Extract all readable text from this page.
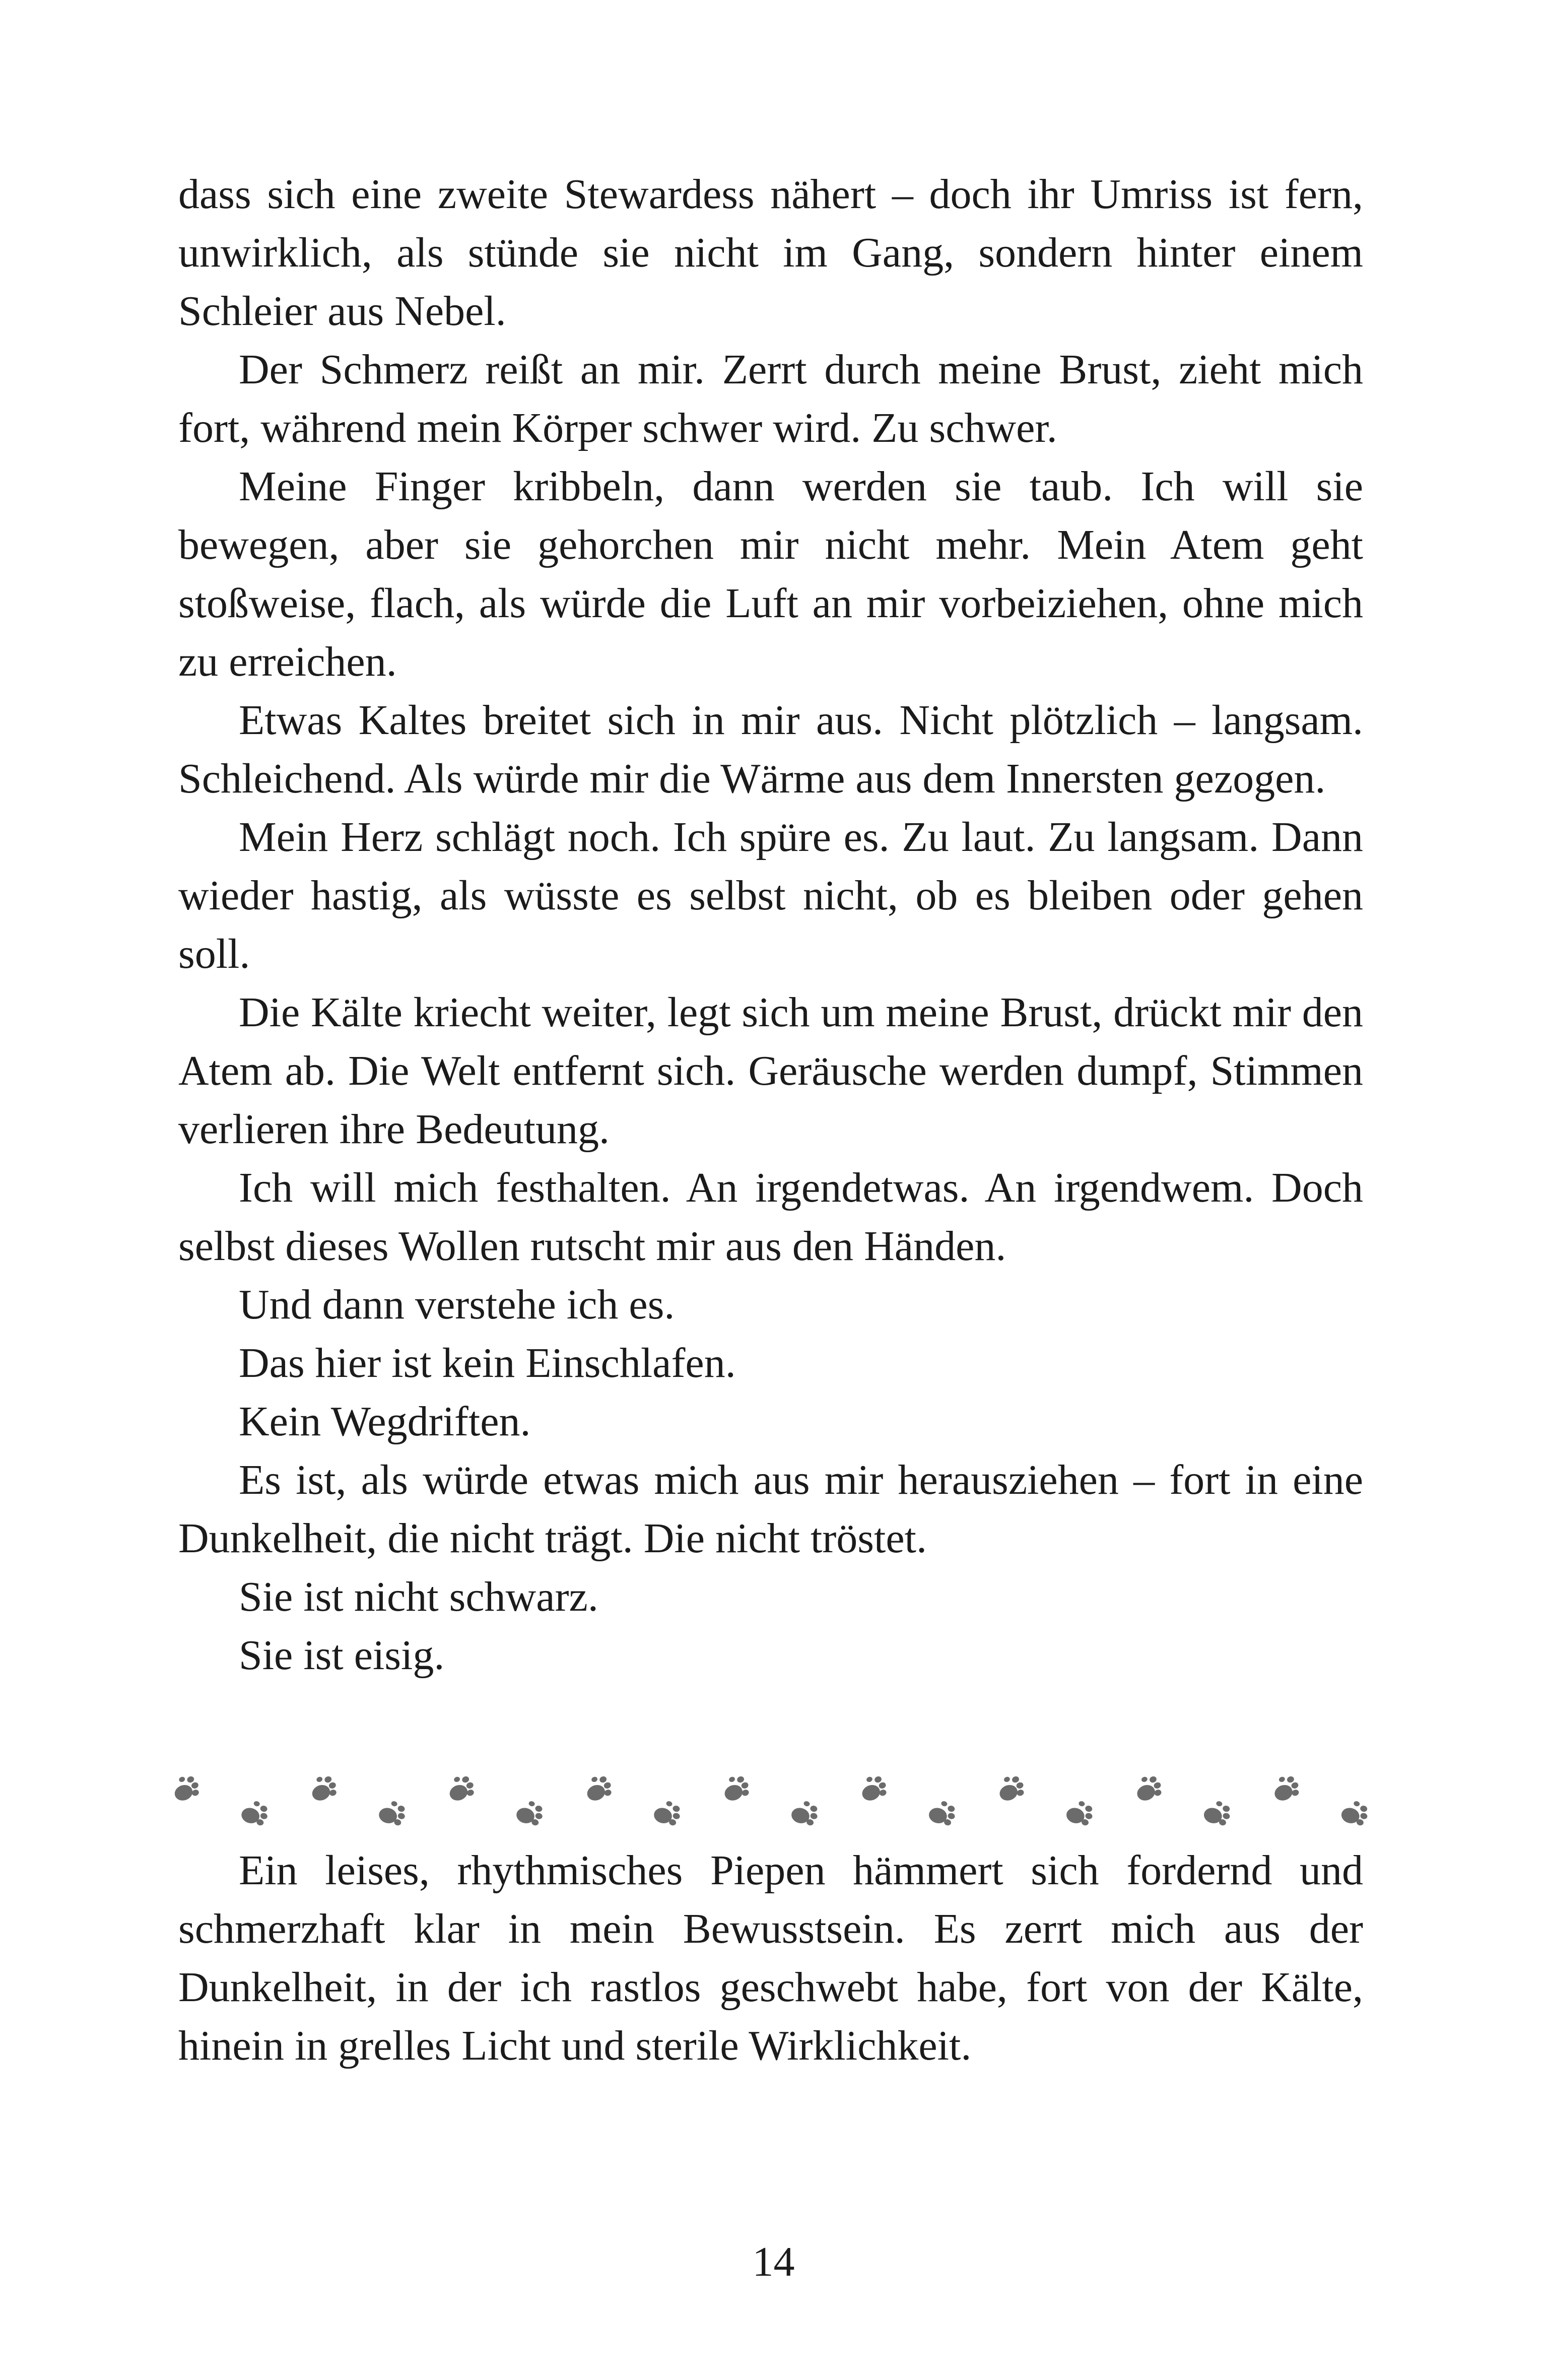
dass sich eine zweite Stewardess nähert – doch ihr Umriss ist fern, unwirklich, als stünde sie nicht im Gang, sondern hinter einem Schleier aus Nebel.

Der Schmerz reißt an mir. Zerrt durch meine Brust, zieht mich fort, während mein Körper schwer wird. Zu schwer.

Meine Finger kribbeln, dann werden sie taub. Ich will sie bewegen, aber sie gehorchen mir nicht mehr. Mein Atem geht stoßweise, flach, als würde die Luft an mir vorbeiziehen, ohne mich zu erreichen.

Etwas Kaltes breitet sich in mir aus. Nicht plötzlich – langsam. Schleichend. Als würde mir die Wärme aus dem Innersten gezogen.

Mein Herz schlägt noch. Ich spüre es. Zu laut. Zu langsam. Dann wieder hastig, als wüsste es selbst nicht, ob es bleiben oder gehen soll.

Die Kälte kriecht weiter, legt sich um meine Brust, drückt mir den Atem ab. Die Welt entfernt sich. Geräusche werden dumpf, Stimmen verlieren ihre Bedeutung.

Ich will mich festhalten. An irgendetwas. An irgendwem. Doch selbst dieses Wollen rutscht mir aus den Händen.

Und dann verstehe ich es.

Das hier ist kein Einschlafen.

Kein Wegdriften.

Es ist, als würde etwas mich aus mir herausziehen – fort in eine Dunkelheit, die nicht trägt. Die nicht tröstet.

Sie ist nicht schwarz.

Sie ist eisig.

Ein leises, rhythmisches Piepen hämmert sich fordernd und schmerzhaft klar in mein Bewusstsein. Es zerrt mich aus der Dunkelheit, in der ich rastlos geschwebt habe, fort von der Kälte, hinein in grelles Licht und sterile Wirklichkeit.

14
